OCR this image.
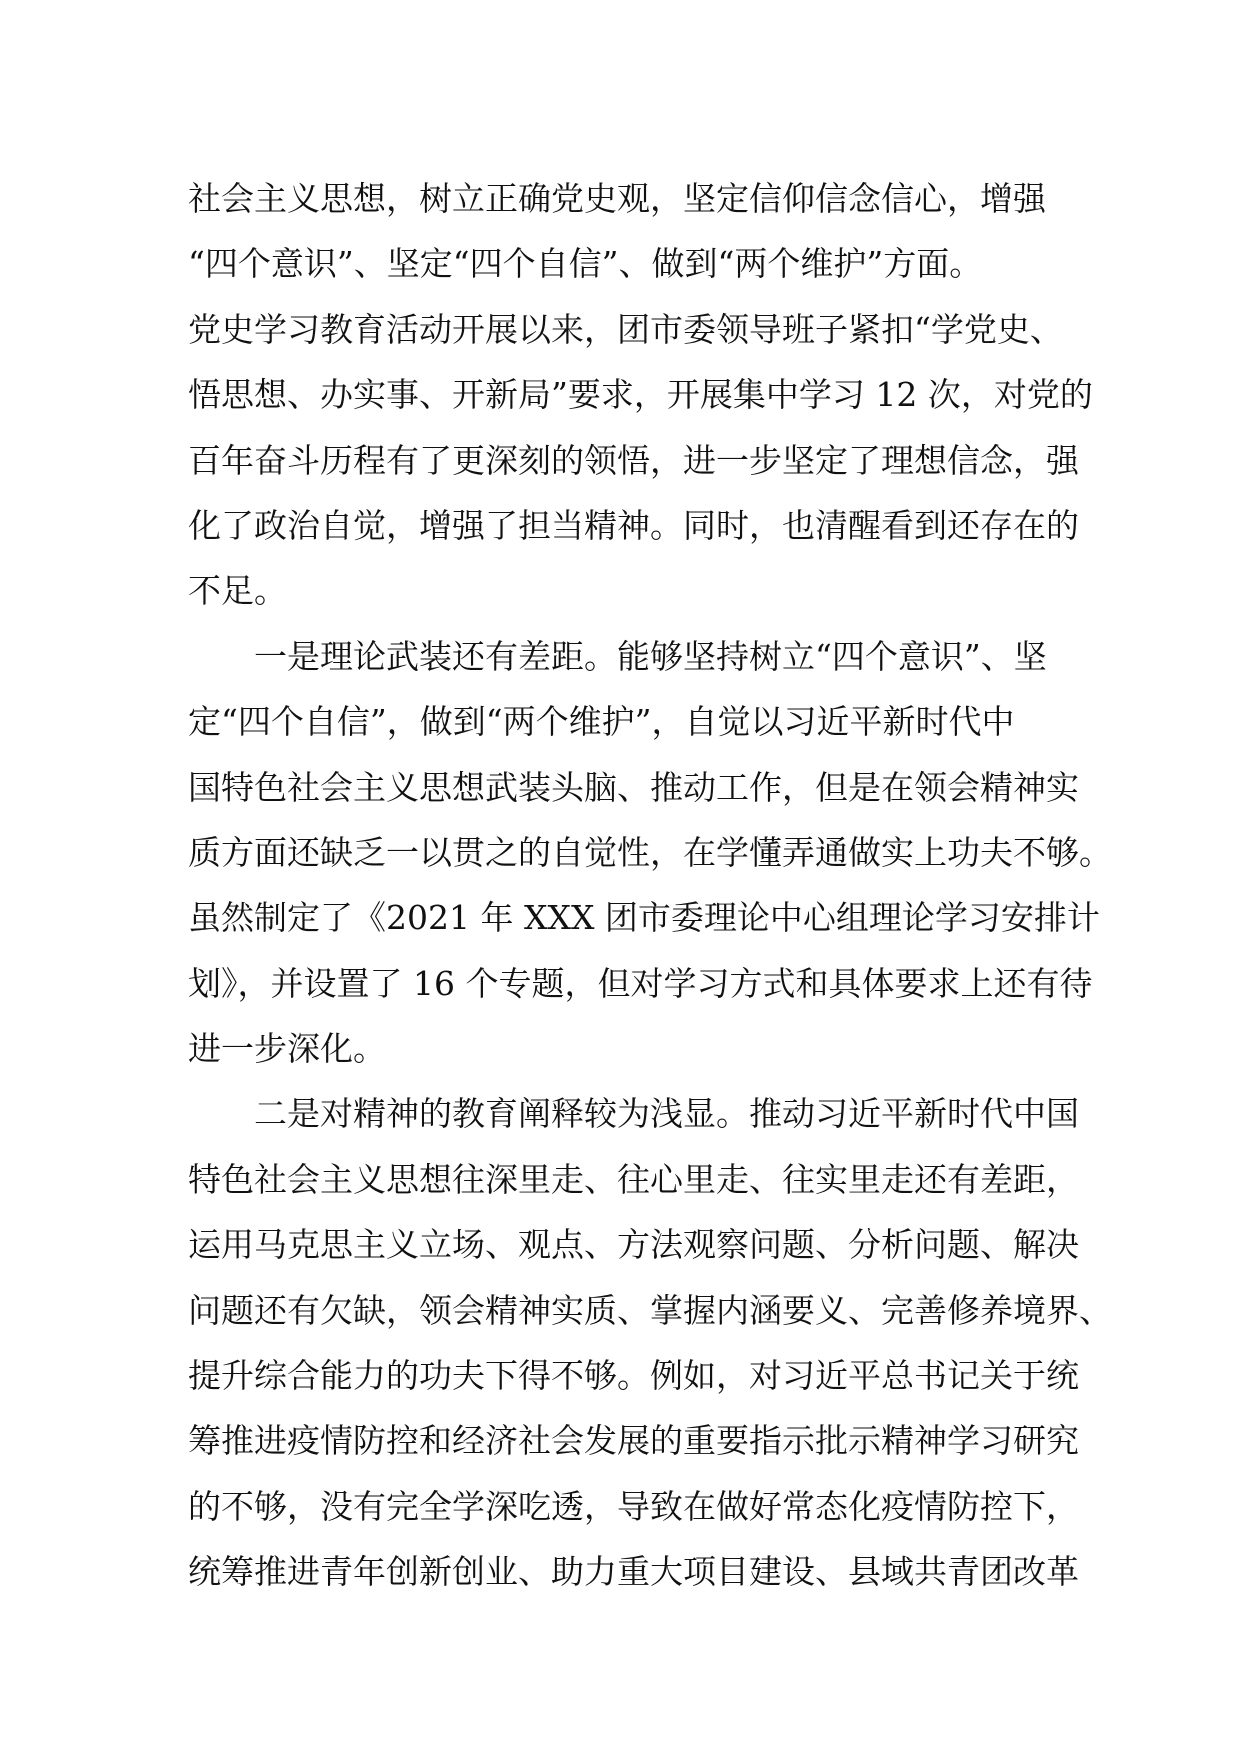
社会主义思想，树立正确党史观，坚定信仰信念信心，增强
“四个意识”、坚定“四个自信”、做到“两个维护”方面。
党史学习教育活动开展以来，团市委领导班子紧扣“学党史、
悟思想、办实事、开新局”要求，开展集中学习 12 次，对党的
百年奋斗历程有了更深刻的领悟，进一步坚定了理想信念，强
化了政治自觉，增强了担当精神。同时，也清醒看到还存在的
不足。
　　一是理论武装还有差距。能够坚持树立“四个意识”、坚
定“四个自信”，做到“两个维护”，自觉以习近平新时代中
国特色社会主义思想武装头脑、推动工作，但是在领会精神实
质方面还缺乏一以贯之的自觉性，在学懂弄通做实上功夫不够。
虽然制定了《2021 年 XXX 团市委理论中心组理论学习安排计
划》，并设置了 16 个专题，但对学习方式和具体要求上还有待
进一步深化。
　　二是对精神的教育阐释较为浅显。推动习近平新时代中国
特色社会主义思想往深里走、往心里走、往实里走还有差距，
运用马克思主义立场、观点、方法观察问题、分析问题、解决
问题还有欠缺，领会精神实质、掌握内涵要义、完善修养境界、
提升综合能力的功夫下得不够。例如，对习近平总书记关于统
筹推进疫情防控和经济社会发展的重要指示批示精神学习研究
的不够，没有完全学深吃透，导致在做好常态化疫情防控下，
统筹推进青年创新创业、助力重大项目建设、县域共青团改革
